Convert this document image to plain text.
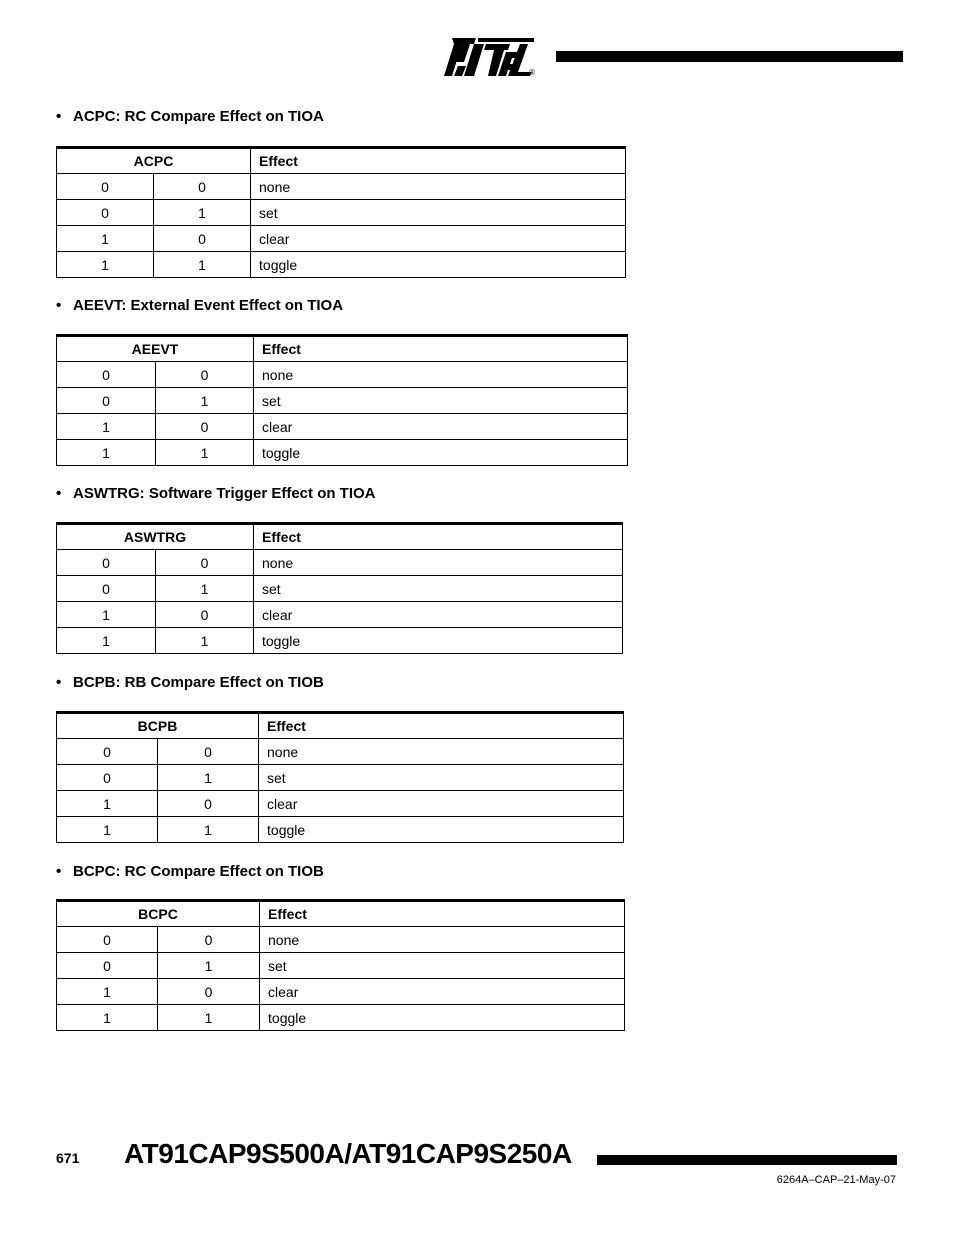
®

• ACPC: RC Compare Effect on TIOA

ACPC		Effect
0	0	none
0	1	set
1	0	clear
1	1	toggle

• AEEVT: External Event Effect on TIOA

AEEVT		Effect
0	0	none
0	1	set
1	0	clear
1	1	toggle

• ASWTRG: Software Trigger Effect on TIOA

ASWTRG		Effect
0	0	none
0	1	set
1	0	clear
1	1	toggle

• BCPB: RB Compare Effect on TIOB

BCPB		Effect
0	0	none
0	1	set
1	0	clear
1	1	toggle

• BCPC: RC Compare Effect on TIOB

BCPC		Effect
0	0	none
0	1	set
1	0	clear
1	1	toggle
671 AT91CAP9S500A/AT91CAP9S250A
6264A–CAP–21-May-07
